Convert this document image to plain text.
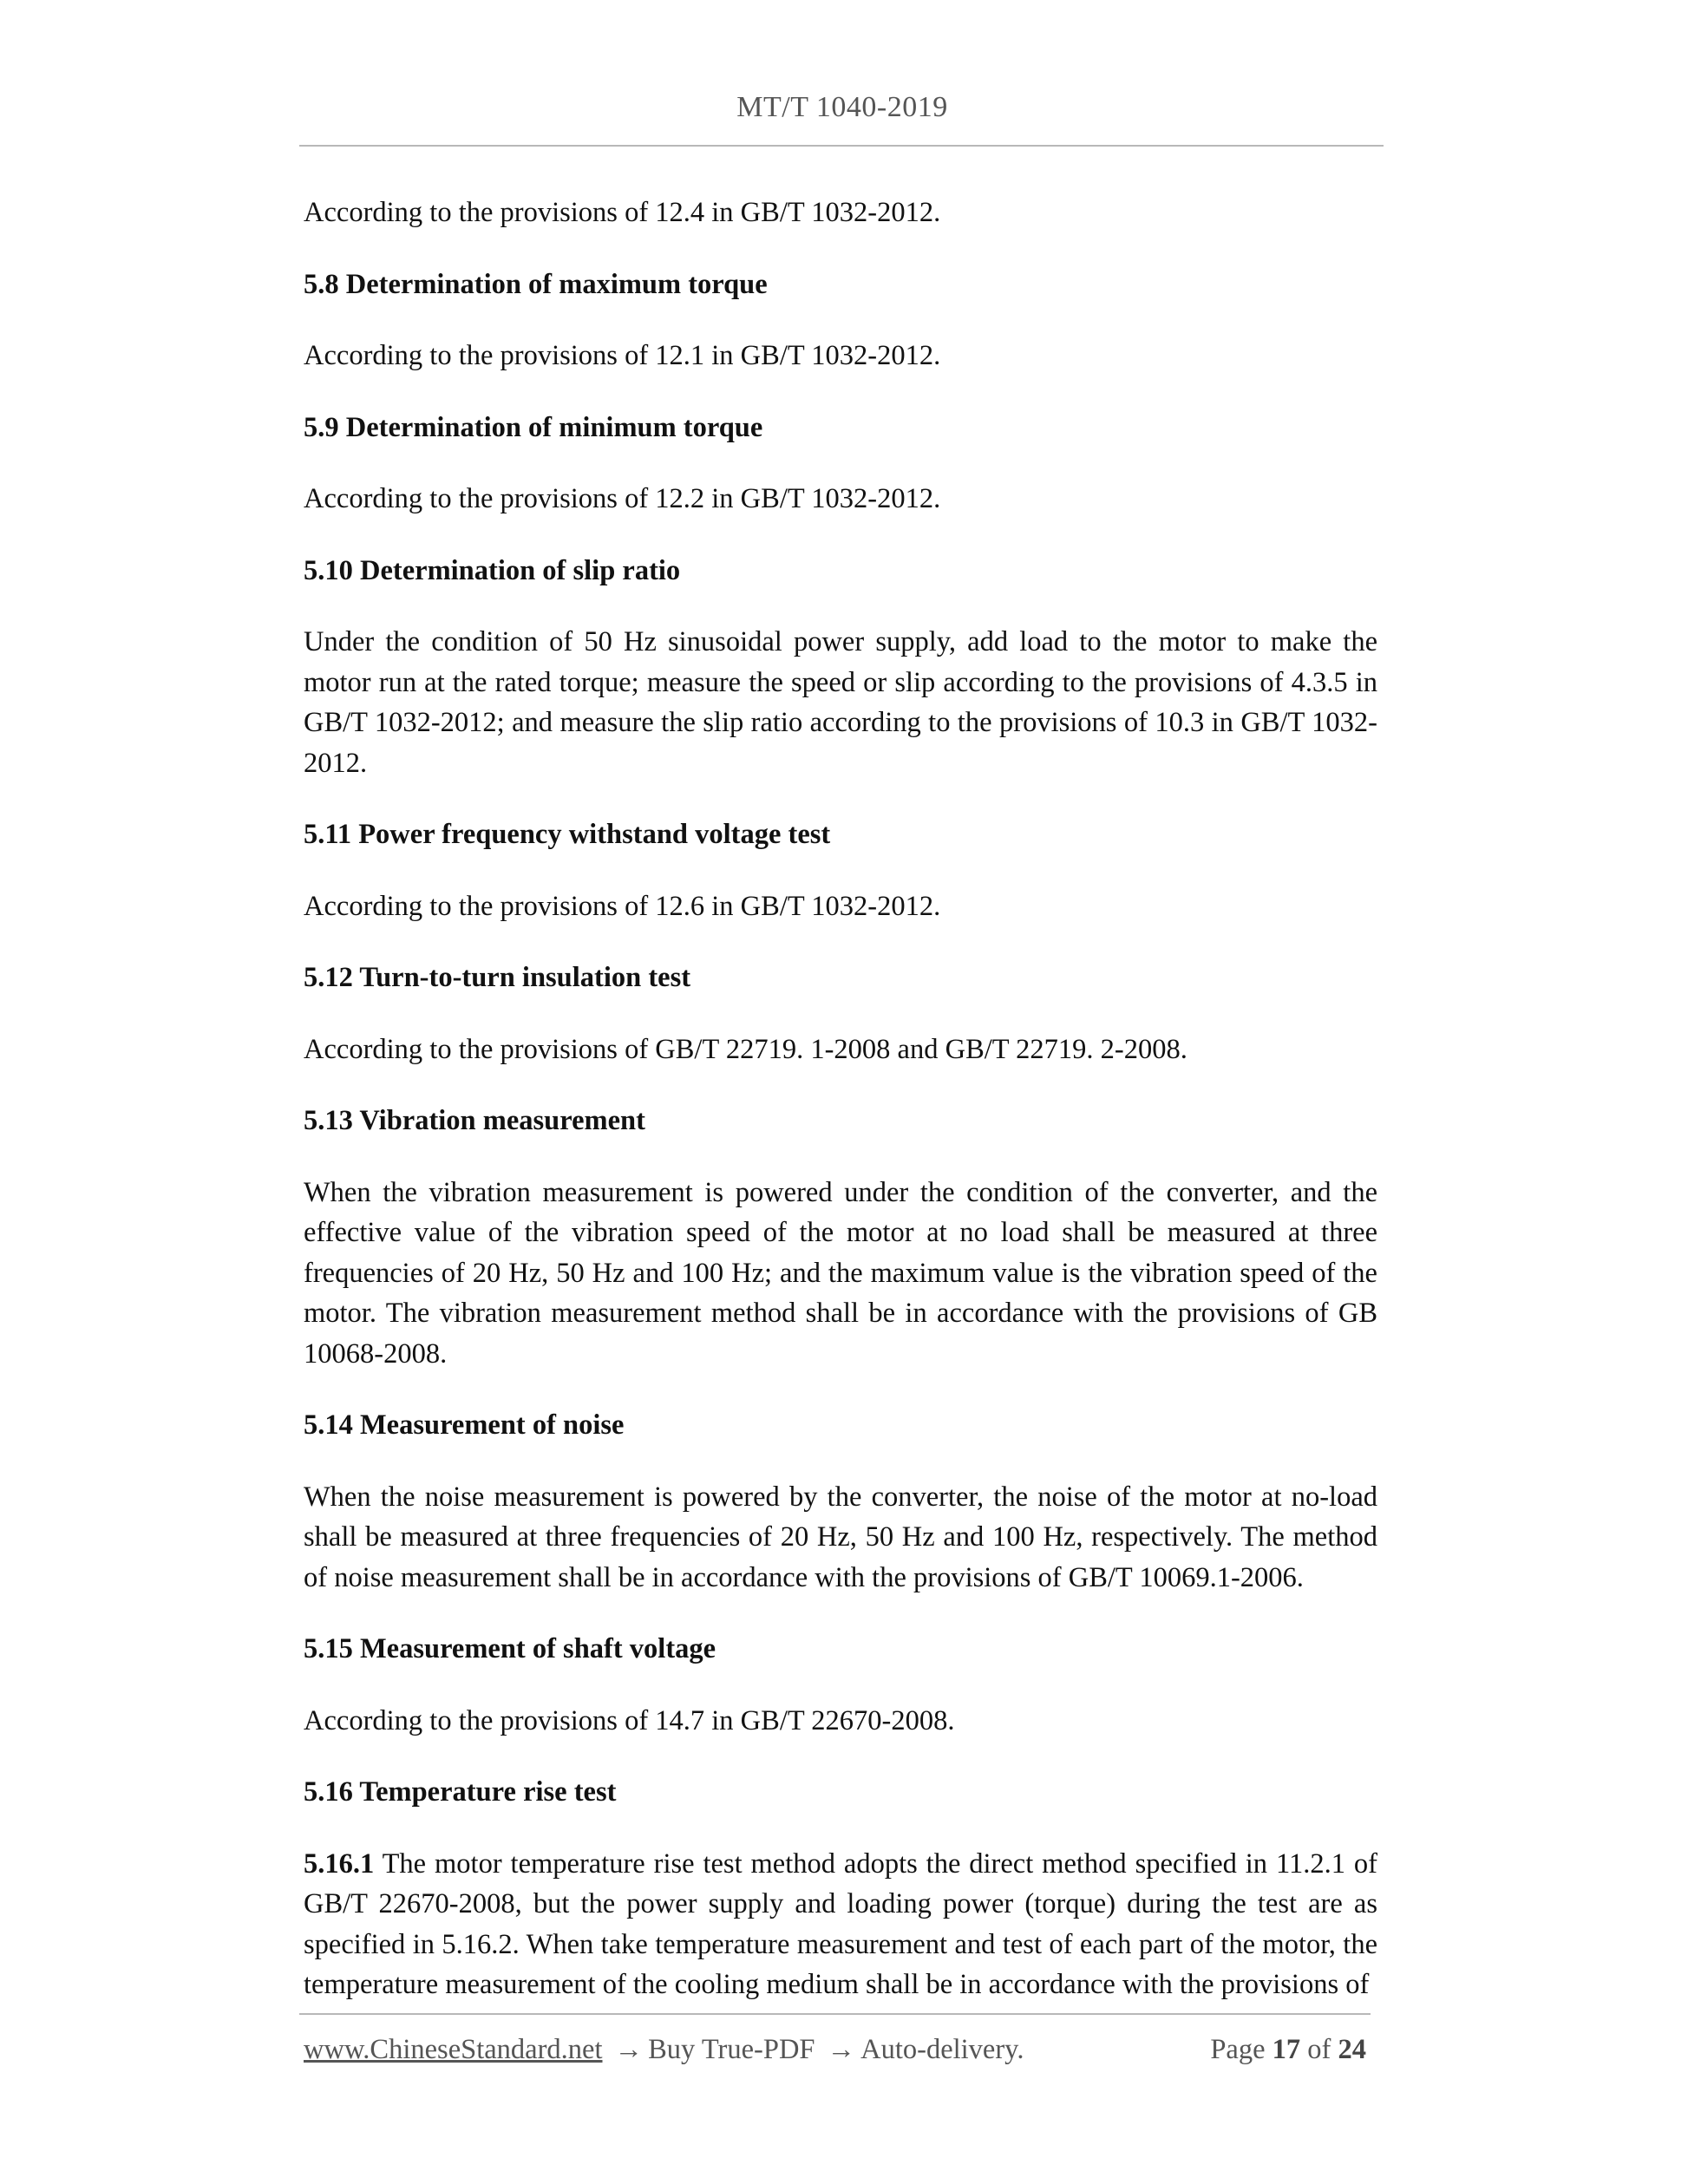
MT/T 1040-2019

According to the provisions of 12.4 in GB/T 1032-2012.

5.8 Determination of maximum torque

According to the provisions of 12.1 in GB/T 1032-2012.

5.9 Determination of minimum torque

According to the provisions of 12.2 in GB/T 1032-2012.

5.10 Determination of slip ratio

Under the condition of 50 Hz sinusoidal power supply, add load to the motor to make the motor run at the rated torque; measure the speed or slip according to the provisions of 4.3.5 in GB/T 1032-2012; and measure the slip ratio according to the provisions of 10.3 in GB/T 1032-2012.

5.11 Power frequency withstand voltage test

According to the provisions of 12.6 in GB/T 1032-2012.

5.12 Turn-to-turn insulation test

According to the provisions of GB/T 22719. 1-2008 and GB/T 22719. 2-2008.

5.13 Vibration measurement

When the vibration measurement is powered under the condition of the converter, and the effective value of the vibration speed of the motor at no load shall be measured at three frequencies of 20 Hz, 50 Hz and 100 Hz; and the maximum value is the vibration speed of the motor. The vibration measurement method shall be in accordance with the provisions of GB 10068-2008.

5.14 Measurement of noise

When the noise measurement is powered by the converter, the noise of the motor at no-load shall be measured at three frequencies of 20 Hz, 50 Hz and 100 Hz, respectively. The method of noise measurement shall be in accordance with the provisions of GB/T 10069.1-2006.

5.15 Measurement of shaft voltage

According to the provisions of 14.7 in GB/T 22670-2008.

5.16 Temperature rise test

5.16.1 The motor temperature rise test method adopts the direct method specified in 11.2.1 of GB/T 22670-2008, but the power supply and loading power (torque) during the test are as specified in 5.16.2. When take temperature measurement and test of each part of the motor, the temperature measurement of the cooling medium shall be in accordance with the provisions of

www.ChineseStandard.net → Buy True-PDF → Auto-delivery.	Page 17 of 24
